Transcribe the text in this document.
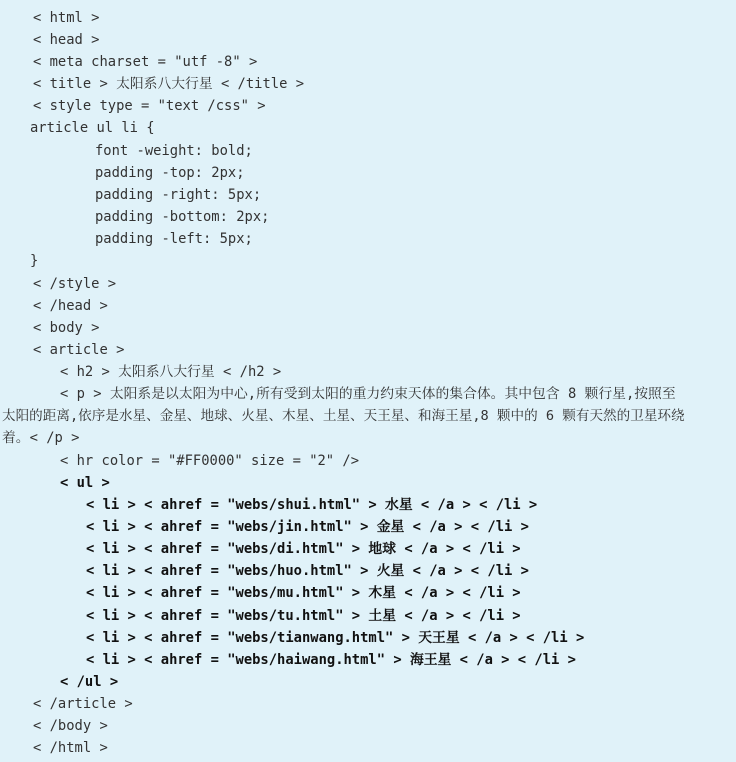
< html >
< head >
< meta charset = "utf -8" >
< title > 太阳系八大行星 < /title >
< style type = "text /css" >
article ul li {
font -weight: bold;
padding -top: 2px;
padding -right: 5px;
padding -bottom: 2px;
padding -left: 5px;
}
< /style >
< /head >
< body >
< article >
< h2 > 太阳系八大行星 < /h2 >
< p > 太阳系是以太阳为中心,所有受到太阳的重力约束天体的集合体。其中包含 8 颗行星,按照至
太阳的距离,依序是水星、金星、地球、火星、木星、土星、天王星、和海王星,8 颗中的 6 颗有天然的卫星环绕
着。< /p >
< hr color = "#FF0000" size = "2" />
< ul >
< li > < ahref = "webs/shui.html" > 水星 < /a > < /li >
< li > < ahref = "webs/jin.html" > 金星 < /a > < /li >
< li > < ahref = "webs/di.html" > 地球 < /a > < /li >
< li > < ahref = "webs/huo.html" > 火星 < /a > < /li >
< li > < ahref = "webs/mu.html" > 木星 < /a > < /li >
< li > < ahref = "webs/tu.html" > 土星 < /a > < /li >
< li > < ahref = "webs/tianwang.html" > 天王星 < /a > < /li >
< li > < ahref = "webs/haiwang.html" > 海王星 < /a > < /li >
< /ul >
< /article >
< /body >
< /html >
